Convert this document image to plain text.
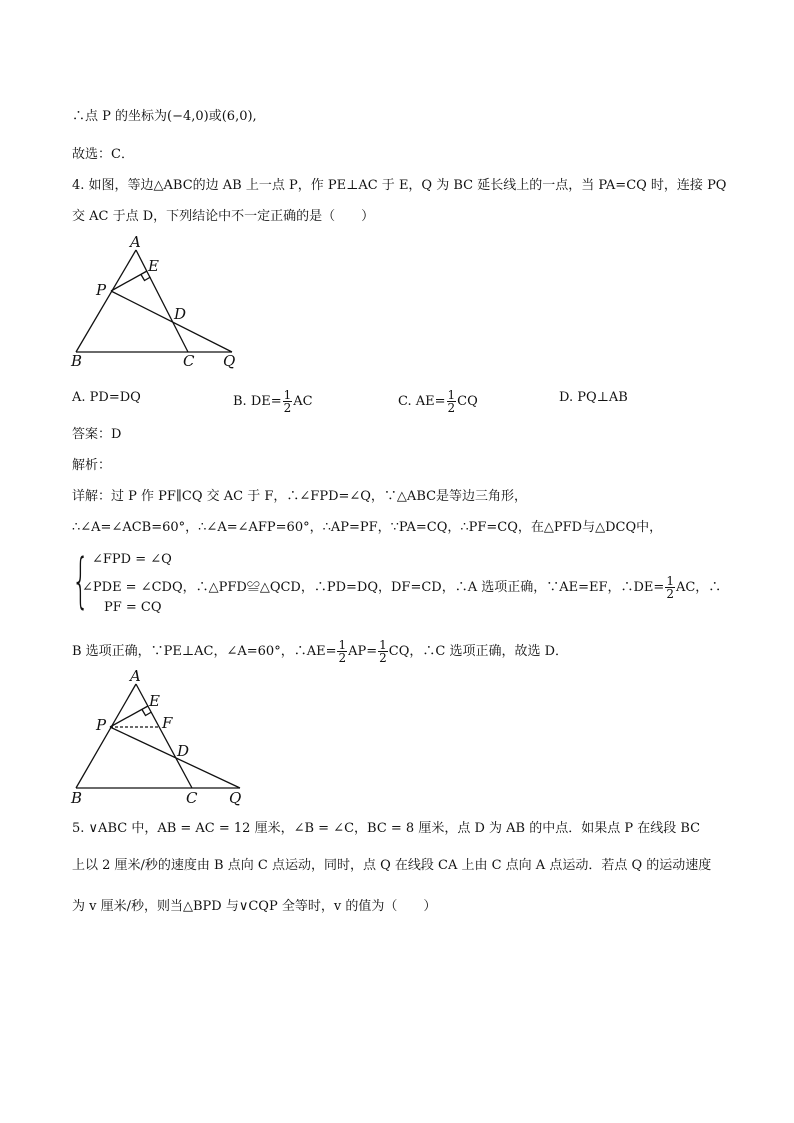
∴点 P 的坐标为(−4,0)或(6,0),
故选：C．
4. 如图，等边△ABC的边 AB 上一点 P，作 PE⊥AC 于 E，Q 为 BC 延长线上的一点，当 PA=CQ 时，连接 PQ
交 AC 于点 D，下列结论中不一定正确的是（　　）
A
E
P
D
B	C Q
A. PD=DQ	B. $DE= \frac{1}{2}$ AC	C. $AE= \frac{1}{2}$ CQ	D. PQ⊥AB
答案：D
解析：
详解：过 P 作 PF∥CQ 交 AC 于 F，∴∠FPD=∠Q，∵△ABC是等边三角形，
∴∠A=∠ACB=60°，∴∠A=∠AFP=60°，∴AP=PF，∵PA=CQ，∴PF=CQ，在△PFD与△DCQ中，
{ ∠FPD = ∠Q
∠PDE = ∠CDQ，∴△PFD≌△QCD，∴PD=DQ，DF=CD，∴A 选项正确，∵AE=EF，∴DE= $\frac{1}{2}$ AC，∴
PF = CQ
B 选项正确，∵PE⊥AC，∠A=60°，∴AE= $\frac{1}{2} AP= \frac{1}{2}$ CQ，∴C 选项正确，故选 D．
A
E
F
P
D
B	C Q
5. ∨ABC 中，AB = AC = 12 厘米，∠B = ∠C，BC = 8 厘米，点 D 为 AB 的中点．如果点 P 在线段 BC
上以 2 厘米/秒的速度由 B 点向 C 点运动，同时，点 Q 在线段 CA 上由 C 点向 A 点运动．若点 Q 的运动速度
为 v 厘米/秒，则当△BPD 与∨CQP 全等时，v 的值为（　　）
